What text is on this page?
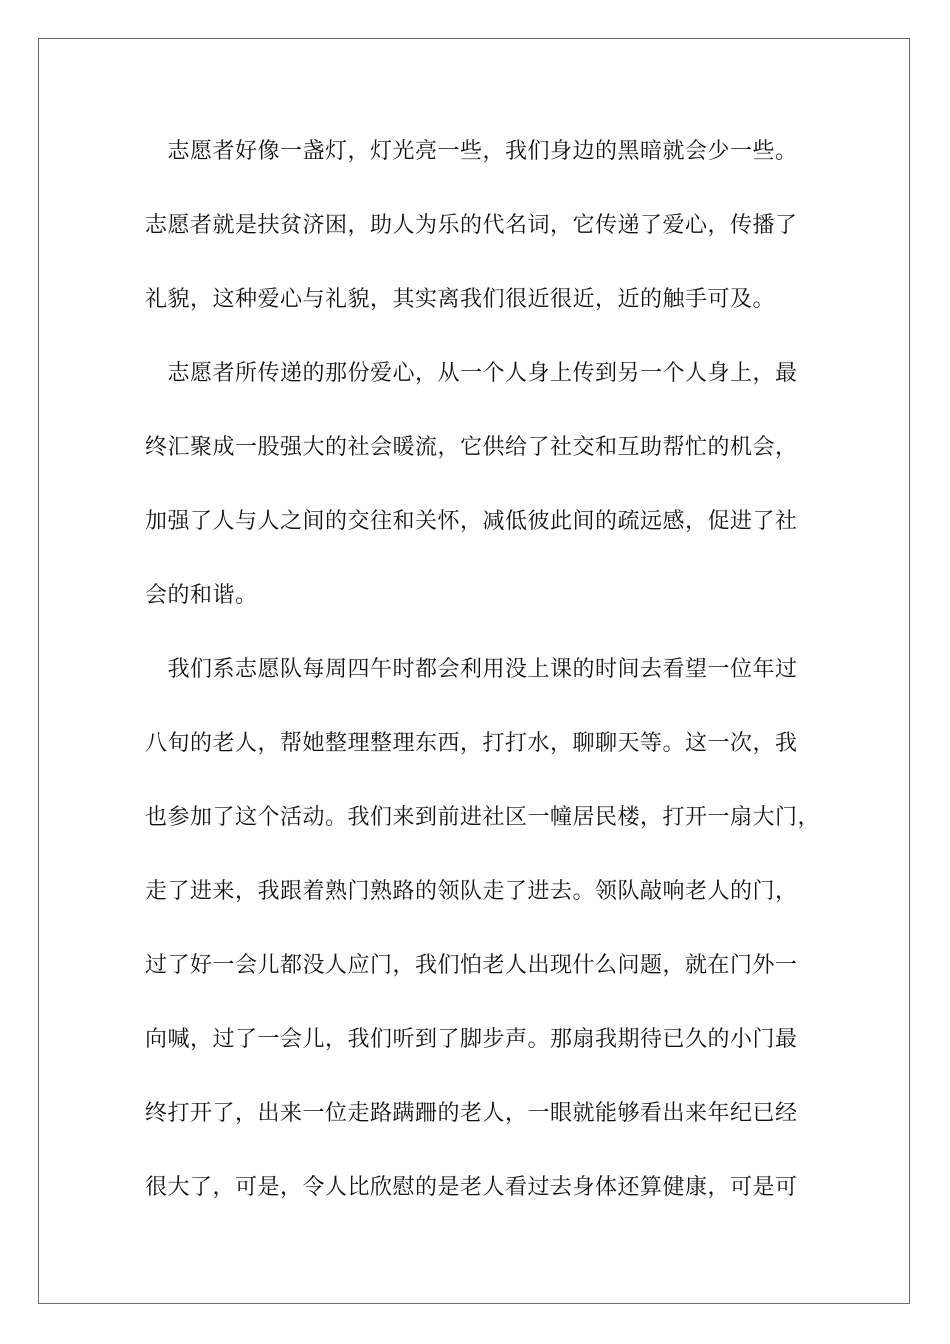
　志愿者好像一盏灯，灯光亮一些，我们身边的黑暗就会少一些。
志愿者就是扶贫济困，助人为乐的代名词，它传递了爱心，传播了
礼貌，这种爱心与礼貌，其实离我们很近很近，近的触手可及。
　志愿者所传递的那份爱心，从一个人身上传到另一个人身上，最
终汇聚成一股强大的社会暖流，它供给了社交和互助帮忙的机会，
加强了人与人之间的交往和关怀，减低彼此间的疏远感，促进了社
会的和谐。
　我们系志愿队每周四午时都会利用没上课的时间去看望一位年过
八旬的老人，帮她整理整理东西，打打水，聊聊天等。这一次，我
也参加了这个活动。我们来到前进社区一幢居民楼，打开一扇大门，
走了进来，我跟着熟门熟路的领队走了进去。领队敲响老人的门，
过了好一会儿都没人应门，我们怕老人出现什么问题，就在门外一
向喊，过了一会儿，我们听到了脚步声。那扇我期待已久的小门最
终打开了，出来一位走路蹒跚的老人，一眼就能够看出来年纪已经
很大了，可是，令人比欣慰的是老人看过去身体还算健康，可是可
